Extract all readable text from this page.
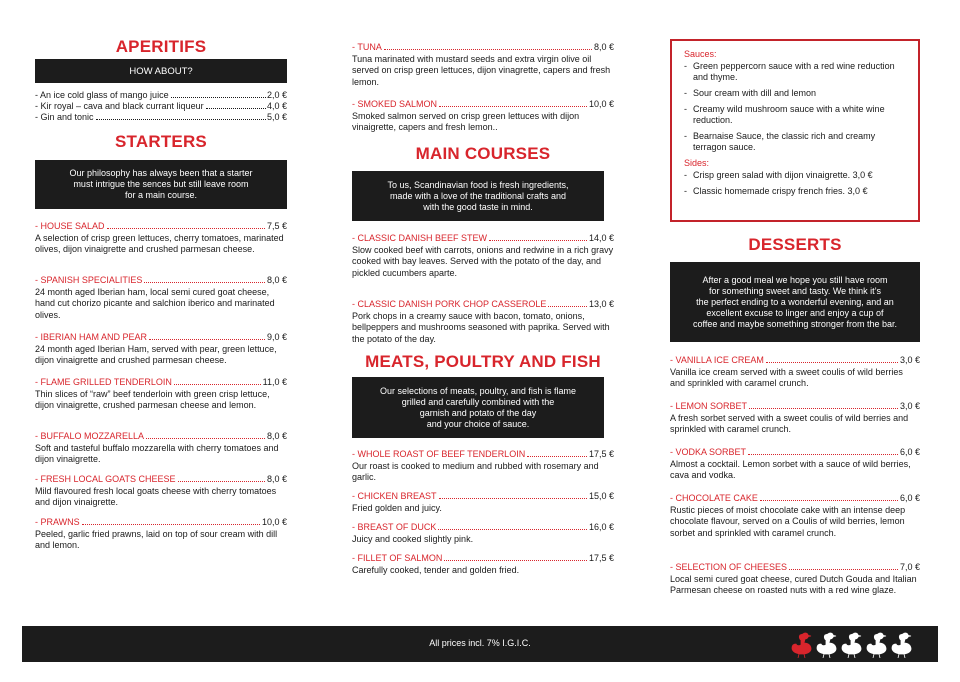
APERITIFS
HOW ABOUT?
- An ice cold glass of mango juice	2,0 €
- Kir royal – cava and black currant liqueur	4,0 €
- Gin and tonic	5,0 €
STARTERS
Our philosophy has always been that a starter
must intrigue the sences but still leave room
for a main course.
- HOUSE SALAD	7,5 €
A selection of crisp green lettuces, cherry tomatoes, marinated olives, dijon vinaigrette and crushed parmesan cheese.
- SPANISH SPECIALITIES	8,0 €
24 month aged Iberian ham, local semi cured goat cheese, hand cut chorizo picante and salchion iberico and marinated olives.
- IBERIAN HAM AND PEAR	9,0 €
24 month aged Iberian Ham, served with pear, green lettuce, dijon vinaigrette and crushed parmesan cheese.
- FLAME GRILLED TENDERLOIN	11,0 €
Thin slices of “raw” beef tenderloin with green crisp lettuce, dijon vinaigrette, crushed parmesan cheese and lemon.
- BUFFALO MOZZARELLA	8,0 €
Soft and tasteful buffalo mozzarella with cherry tomatoes and dijon vinaigrette.
- FRESH LOCAL GOATS CHEESE	8,0 €
Mild flavoured fresh local goats cheese with cherry tomatoes and dijon vinaigrette.
- PRAWNS	10,0 €
Peeled, garlic fried prawns, laid on top of sour cream with dill and lemon.
- TUNA	8,0 €
Tuna marinated with mustard seeds and extra virgin olive oil served on crisp green lettuces, dijon vinagrette, capers and fresh lemon.
- SMOKED SALMON	10,0 €
Smoked salmon served on crisp green lettuces with dijon vinaigrette, capers and fresh lemon..
MAIN COURSES
To us, Scandinavian food is fresh ingredients,
made with a love of the traditional crafts and
with the good taste in mind.
- CLASSIC DANISH BEEF STEW	14,0 €
Slow cooked beef with carrots, onions and redwine in a rich gravy cooked with bay leaves. Served with the potato of the day, and pickled cucumbers aparte.
- CLASSIC DANISH PORK CHOP CASSEROLE	13,0 €
Pork chops in a creamy sauce with bacon, tomato, onions, bellpeppers and mushrooms seasoned with paprika. Served with the potato of the day.
MEATS, POULTRY AND FISH
Our selections of meats, poultry, and fish is flame
grilled and carefully combined with the
garnish and potato of the day
and your choice of sauce.
- WHOLE ROAST OF BEEF TENDERLOIN	17,5 €
Our roast is cooked to medium and rubbed with rosemary and garlic.
- CHICKEN BREAST	15,0 €
Fried golden and juicy.
- BREAST OF DUCK	16,0 €
Juicy and cooked slightly pink.
- FILLET OF SALMON	17,5 €
Carefully cooked, tender and golden fried.
Sauces:
- Green peppercorn sauce with a red wine reduction and thyme.
- Sour cream with dill and lemon
- Creamy wild mushroom sauce with a white wine reduction.
- Bearnaise Sauce, the classic rich and creamy terragon sauce.
Sides:
- Crisp green salad with dijon vinaigrette. 3,0 €
- Classic homemade crispy french fries. 3,0 €
DESSERTS
After a good meal we hope you still have room
for something sweet and tasty. We think it’s
the perfect ending to a wonderful evening, and an
excellent excuse to linger and enjoy a cup of
coffee and maybe something stronger from the bar.
- VANILLA ICE CREAM	3,0 €
Vanilla ice cream served with a sweet coulis of wild berries and sprinkled with caramel crunch.
- LEMON SORBET	3,0 €
A fresh sorbet served with a sweet coulis of wild berries and sprinkled with caramel crunch.
- VODKA SORBET	6,0 €
Almost a cocktail. Lemon sorbet with a sauce of wild berries, cava and vodka.
- CHOCOLATE CAKE	6,0 €
Rustic pieces of moist chocolate cake with an intense deep chocolate flavour, served on a Coulis of wild berries, lemon sorbet and sprinkled with caramel crunch.
- SELECTION OF CHEESES	7,0 €
Local semi cured goat cheese, cured Dutch Gouda and Italian Parmesan cheese on roasted nuts with a red wine glaze.
All prices incl. 7% I.G.I.C.
